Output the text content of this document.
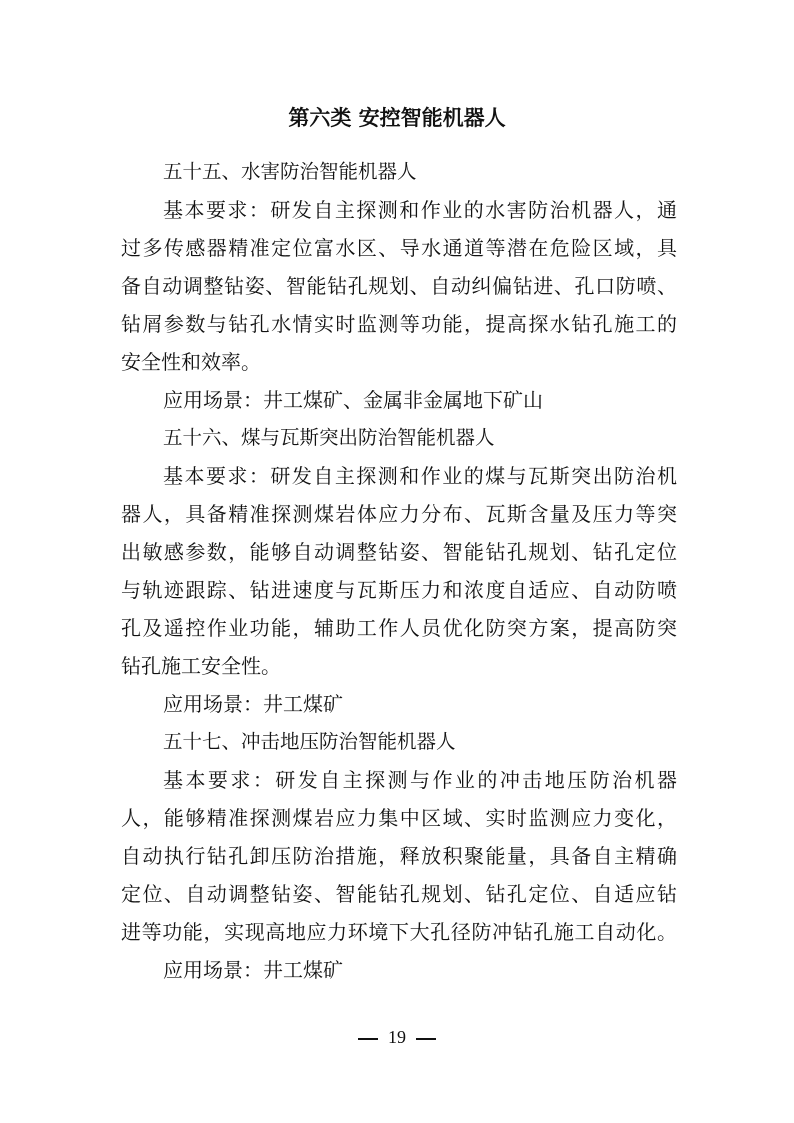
第六类 安控智能机器人
五十五、水害防治智能机器人
基本要求：研发自主探测和作业的水害防治机器人，通
过多传感器精准定位富水区、导水通道等潜在危险区域，具
备自动调整钻姿、智能钻孔规划、自动纠偏钻进、孔口防喷、
钻屑参数与钻孔水情实时监测等功能，提高探水钻孔施工的
安全性和效率。
应用场景：井工煤矿、金属非金属地下矿山
五十六、煤与瓦斯突出防治智能机器人
基本要求：研发自主探测和作业的煤与瓦斯突出防治机
器人，具备精准探测煤岩体应力分布、瓦斯含量及压力等突
出敏感参数，能够自动调整钻姿、智能钻孔规划、钻孔定位
与轨迹跟踪、钻进速度与瓦斯压力和浓度自适应、自动防喷
孔及遥控作业功能，辅助工作人员优化防突方案，提高防突
钻孔施工安全性。
应用场景：井工煤矿
五十七、冲击地压防治智能机器人
基本要求：研发自主探测与作业的冲击地压防治机器
人，能够精准探测煤岩应力集中区域、实时监测应力变化，
自动执行钻孔卸压防治措施，释放积聚能量，具备自主精确
定位、自动调整钻姿、智能钻孔规划、钻孔定位、自适应钻
进等功能，实现高地应力环境下大孔径防冲钻孔施工自动化。
应用场景：井工煤矿
19
